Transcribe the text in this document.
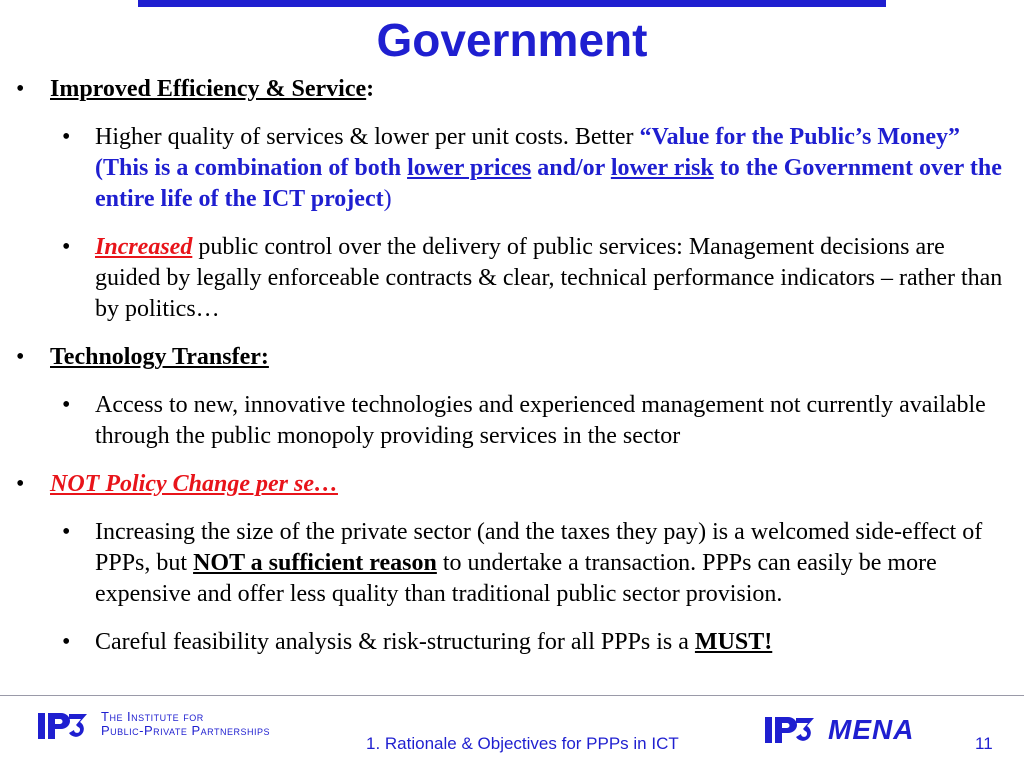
Government
• Improved Efficiency & Service:
• Higher quality of services & lower per unit costs. Better “Value for the Public’s Money” (This is a combination of both lower prices and/or lower risk to the Government over the entire life of the ICT project)
• Increased public control over the delivery of public services: Management decisions are guided by legally enforceable contracts & clear, technical performance indicators – rather than by politics…
• Technology Transfer:
• Access to new, innovative technologies and experienced management not currently available through the public monopoly providing services in the sector
• NOT Policy Change per se…
• Increasing the size of the private sector (and the taxes they pay) is a welcomed side-effect of PPPs, but NOT a sufficient reason to undertake a transaction. PPPs can easily be more expensive and offer less quality than traditional public sector provision.
• Careful feasibility analysis & risk-structuring for all PPPs is a MUST!
The Institute for
Public-Private Partnerships
1. Rationale & Objectives for PPPs in ICT	MENA	11
